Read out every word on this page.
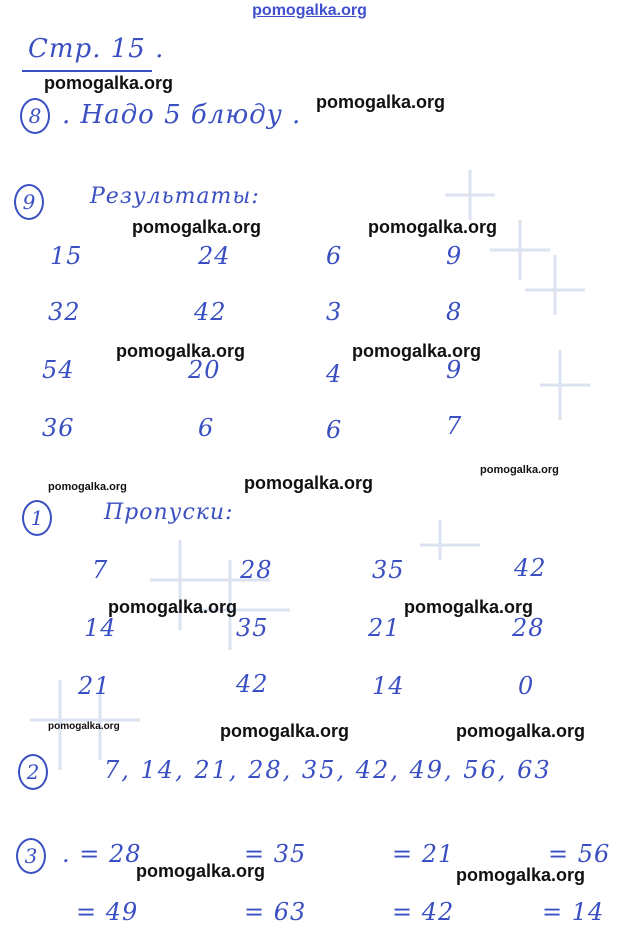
pomogalka.org
Стр. 15 .
8 . Надо 5 блюду .
9	Результаты:
15	24	6	9
32	42	3	8
54	20	4	9
36	6	6	7
1	Пропуски:
7	28	35	42
14	35	21	28
21	42	14	0
2	7, 14, 21, 28, 35, 42, 49, 56, 63
3	. = 28	= 35	= 21	= 56
= 49	= 63	= 42	= 14
pomogalka.org
pomogalka.org
pomogalka.org	pomogalka.org
pomogalka.org	pomogalka.org
pomogalka.org
pomogalka.org	pomogalka.org
pomogalka.org	pomogalka.org
pomogalka.org	pomogalka.org	pomogalka.org
pomogalka.org	pomogalka.org
